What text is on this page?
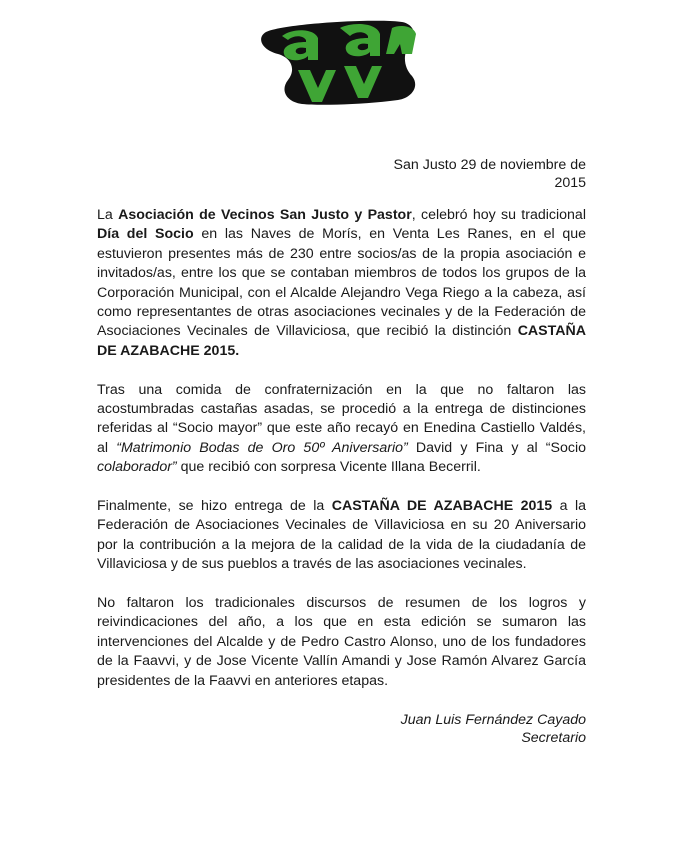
San Justo 29 de noviembre de 2015

La Asociación de Vecinos San Justo y Pastor, celebró hoy su tradicional Día del Socio en las Naves de Morís, en Venta Les Ranes, en el que estuvieron presentes más de 230 entre socios/as de la propia asociación e invitados/as, entre los que se contaban miembros de todos los grupos de la Corporación Municipal, con el Alcalde Alejandro Vega Riego a la cabeza, así como representantes de otras asociaciones vecinales y de la Federación de Asociaciones Vecinales de Villaviciosa, que recibió la distinción CASTAÑA DE AZABACHE 2015.

Tras una comida de confraternización en la que no faltaron las acostumbradas castañas asadas, se procedió a la entrega de distinciones referidas al “Socio mayor” que este año recayó en Enedina Castiello Valdés, al “Matrimonio Bodas de Oro 50º Aniversario” David y Fina y al “Socio colaborador” que recibió con sorpresa Vicente Illana Becerril.

Finalmente, se hizo entrega de la CASTAÑA DE AZABACHE 2015 a la Federación de Asociaciones Vecinales de Villaviciosa en su 20 Aniversario por la contribución a la mejora de la calidad de la vida de la ciudadanía de Villaviciosa y de sus pueblos a través de las asociaciones vecinales.

No faltaron los tradicionales discursos de resumen de los logros y reivindicaciones del año, a los que en esta edición se sumaron las intervenciones del Alcalde y de Pedro Castro Alonso, uno de los fundadores de la Faavvi, y de Jose Vicente Vallín Amandi y Jose Ramón Alvarez García presidentes de la Faavvi en anteriores etapas.

Juan Luis Fernández Cayado
Secretario
